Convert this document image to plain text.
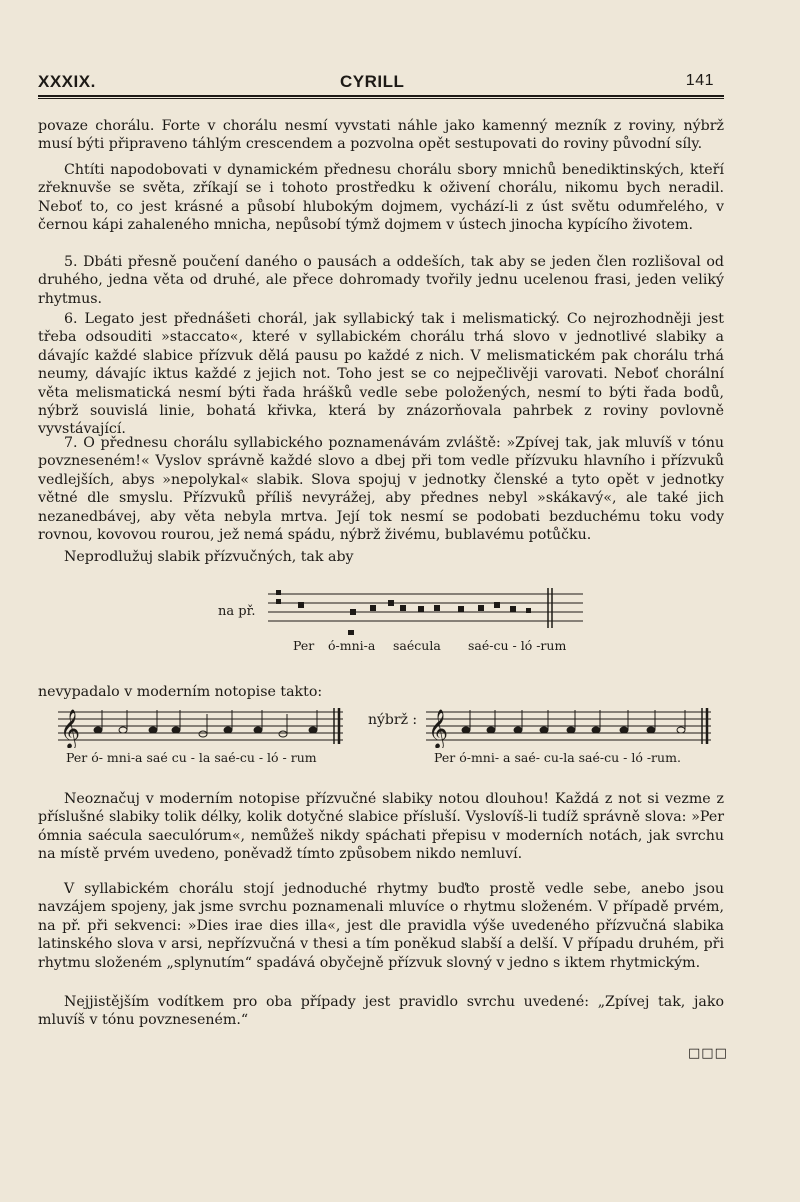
XXXIX.	CYRILL	141

povaze chorálu. Forte v chorálu nesmí vyvstati náhle jako kamenný mezník z roviny, nýbrž musí býti připraveno táhlým crescendem a pozvolna opět sestupovati do roviny původní síly.

Chtíti napodobovati v dynamickém přednesu chorálu sbory mnichů benediktinských, kteří zřeknuvše se světa, zříkají se i tohoto prostředku k oživení chorálu, nikomu bych neradil. Neboť to, co jest krásné a působí hlubokým dojmem, vychází-li z úst světu odumřelého, v černou kápi zahaleného mnicha, nepůsobí týmž dojmem v ústech jinocha kypícího životem.

5. Dbáti přesně poučení daného o pausách a oddeších, tak aby se jeden člen rozlišoval od druhého, jedna věta od druhé, ale přece dohromady tvořily jednu ucelenou frasi, jeden veliký rhytmus.

6. Legato jest přednášeti chorál, jak syllabický tak i melismatický. Co nejrozhodněji jest třeba odsouditi »staccato«, které v syllabickém chorálu trhá slovo v jednotlivé slabiky a dávajíc každé slabice přízvuk dělá pausu po každé z nich. V melismatickém pak chorálu trhá neumy, dávajíc iktus každé z jejich not. Toho jest se co nejpečlivěji varovati. Neboť chorální věta melismatická nesmí býti řada hrášků vedle sebe položených, nesmí to býti řada bodů, nýbrž souvislá linie, bohatá křivka, která by znázorňovala pahrbek z roviny povlovně vyvstávající.

7. O přednesu chorálu syllabického poznamenávám zvláště: »Zpívej tak, jak mluvíš v tónu povzneseném!« Vyslov správně každé slovo a dbej při tom vedle přízvuku hlavního i přízvuků vedlejších, abys »nepolykal« slabik. Slova spojuj v jednotky členské a tyto opět v jednotky větné dle smyslu. Přízvuků příliš nevyrážej, aby přednes nebyl »skákavý«, ale také jich nezanedbávej, aby věta nebyla mrtva. Její tok nesmí se podobati bezduchému toku vody rovnou, kovovou rourou, jež nemá spádu, nýbrž živému, bublavému potůčku.

Neprodlužuj slabik přízvučných, tak aby

na př.
Per ó-mni-a saécula saé-cu - ló -rum

nevypadalo v moderním notopise takto:

𝄞
Per ó- mni-a saé cu - la saé-cu - ló - rum
nýbrž : 𝄞
Per ó-mni- a saé- cu-la saé-cu - ló -rum.

Neoznačuj v moderním notopise přízvučné slabiky notou dlouhou! Každá z not si vezme z příslušné slabiky tolik délky, kolik dotyčné slabice přísluší. Vyslovíš-li tudíž správně slova: »Per ómnia saécula saeculórum«, nemůžeš nikdy spáchati přepisu v moderních notách, jak svrchu na místě prvém uvedeno, poněvadž tímto způsobem nikdo nemluví.

V syllabickém chorálu stojí jednoduché rhytmy buďto prostě vedle sebe, anebo jsou navzájem spojeny, jak jsme svrchu poznamenali mluvíce o rhytmu složeném. V případě prvém, na př. při sekvenci: »Dies irae dies illa«, jest dle pravidla výše uvedeného přízvučná slabika latinského slova v arsi, nepřízvučná v thesi a tím poněkud slabší a delší. V případu druhém, při rhytmu složeném „splynutím“ spadává obyčejně přízvuk slovný v jedno s iktem rhytmickým.

Nejjistějším vodítkem pro oba případy jest pravidlo svrchu uvedené: „Zpívej tak, jako mluvíš v tónu povzneseném.“

□□□
